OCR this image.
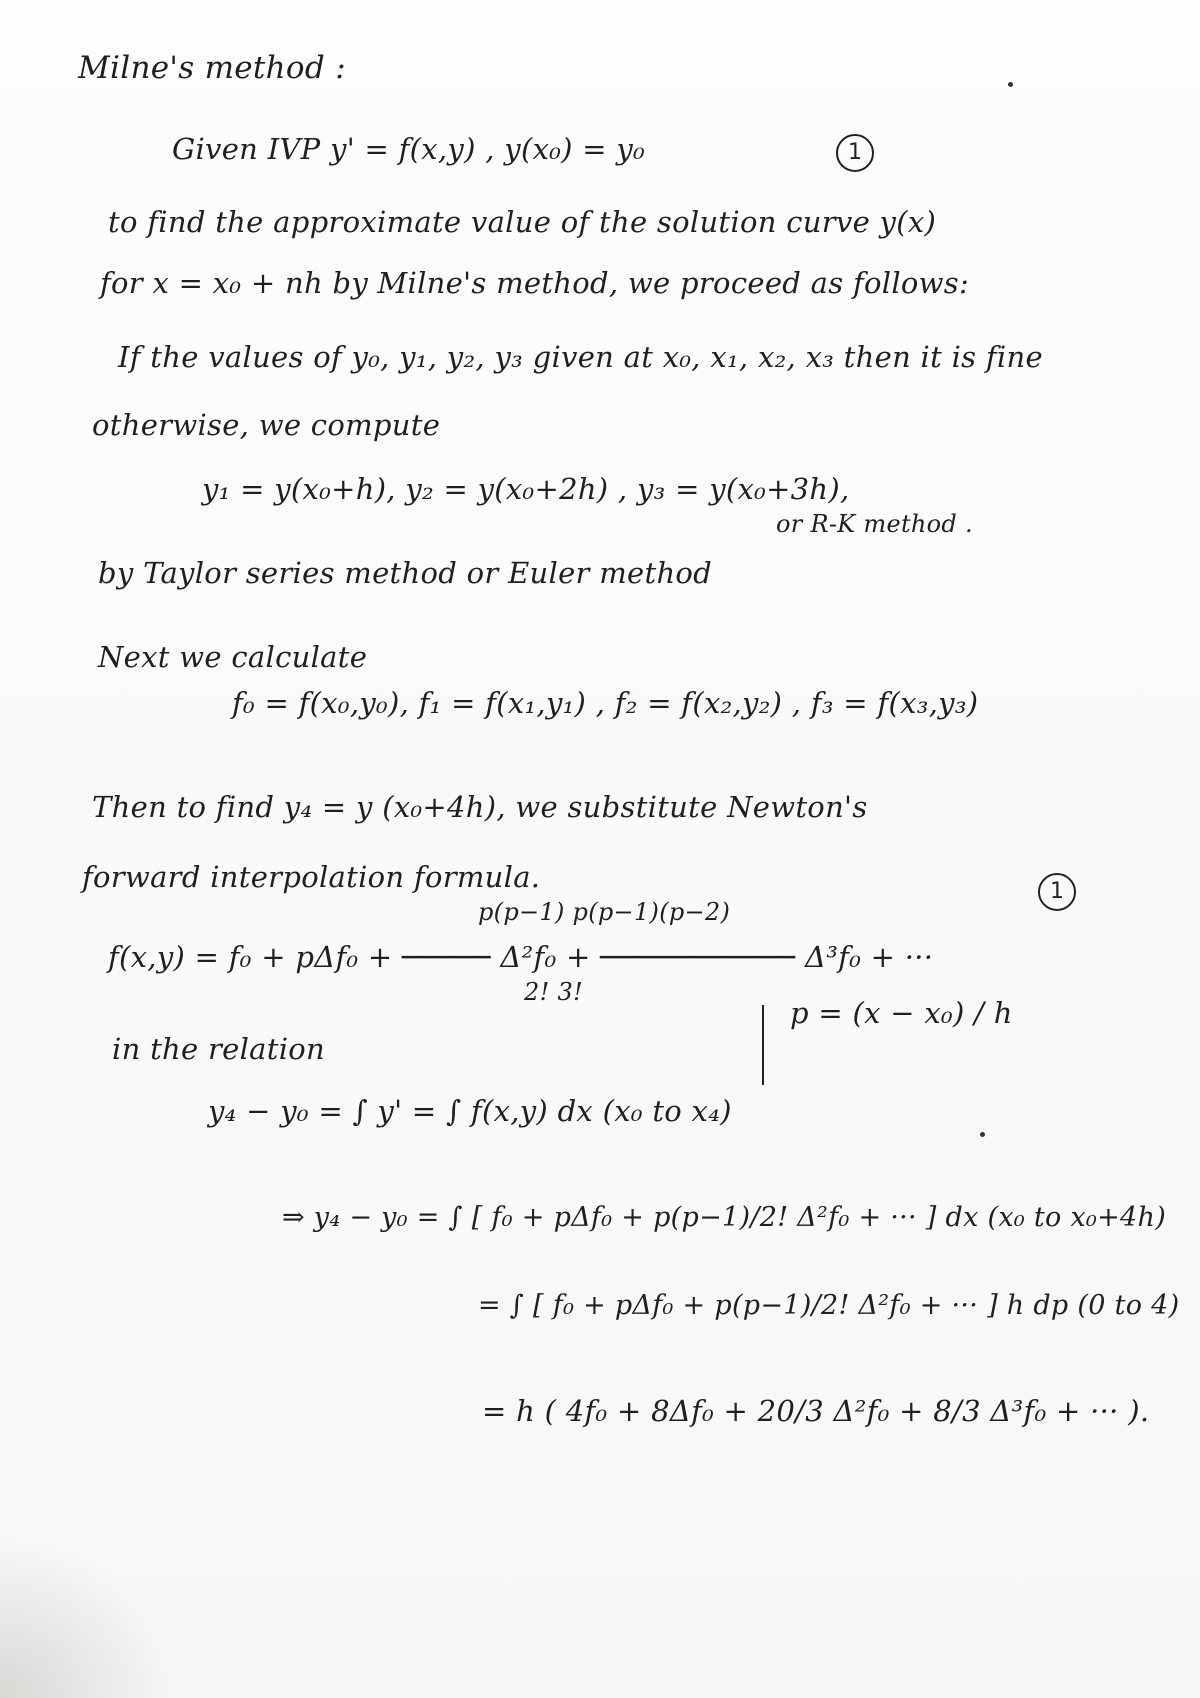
Milne's method :
Given IVP y' = f(x,y) , y(x₀) = y₀	1
to find the approximate value of the solution curve y(x)
for x = x₀ + nh by Milne's method, we proceed as follows:
If the values of y₀, y₁, y₂, y₃ given at x₀, x₁, x₂, x₃ then it is fine
otherwise, we compute
y₁ = y(x₀+h), y₂ = y(x₀+2h) , y₃ = y(x₀+3h),
or R-K method .
by Taylor series method or Euler method
Next we calculate
f₀ = f(x₀,y₀), f₁ = f(x₁,y₁) , f₂ = f(x₂,y₂) , f₃ = f(x₃,y₃)
Then to find y₄ = y (x₀+4h), we substitute Newton's
forward interpolation formula.
p(p−1) p(p−1)(p−2)
f(x,y) = f₀ + pΔf₀ + ───── Δ²f₀ + ─────────── Δ³f₀ + ···
2! 3!
1
p = (x − x₀) / h
in the relation
y₄ − y₀ = ∫ y' = ∫ f(x,y) dx (x₀ to x₄)
⇒ y₄ − y₀ = ∫ [ f₀ + pΔf₀ + p(p−1)/2! Δ²f₀ + ··· ] dx (x₀ to x₀+4h)
= ∫ [ f₀ + pΔf₀ + p(p−1)/2! Δ²f₀ + ··· ] h dp (0 to 4)
= h ( 4f₀ + 8Δf₀ + 20/3 Δ²f₀ + 8/3 Δ³f₀ + ··· ).
